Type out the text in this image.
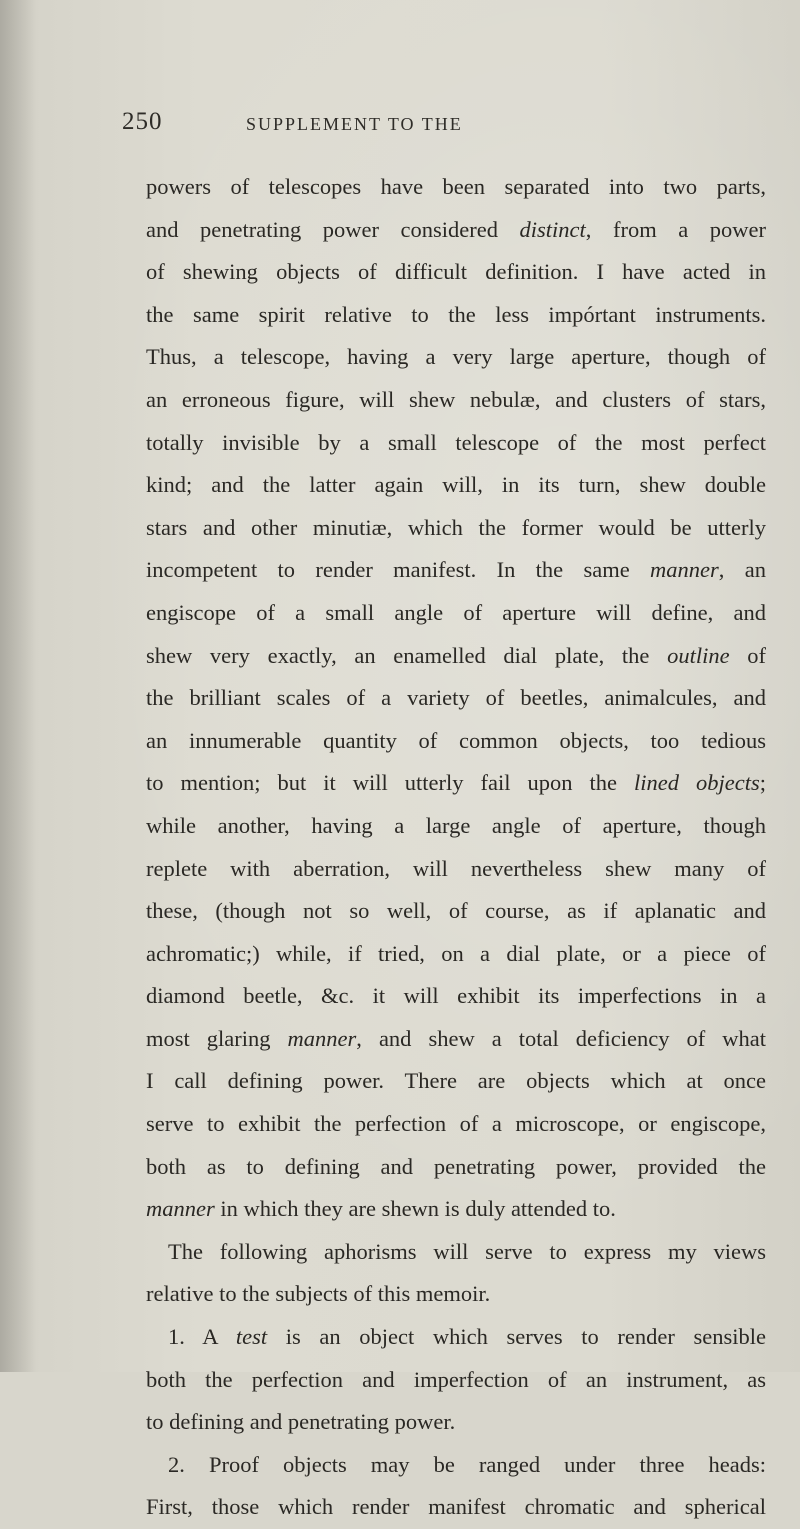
250	SUPPLEMENT TO THE
powers of telescopes have been separated into two parts,
and penetrating power considered distinct, from a power
of shewing objects of difficult definition. I have acted in
the same spirit relative to the less impórtant instruments.
Thus, a telescope, having a very large aperture, though of
an erroneous figure, will shew nebulæ, and clusters of stars,
totally invisible by a small telescope of the most perfect
kind; and the latter again will, in its turn, shew double
stars and other minutiæ, which the former would be utterly
incompetent to render manifest. In the same manner, an
engiscope of a small angle of aperture will define, and
shew very exactly, an enamelled dial plate, the outline of
the brilliant scales of a variety of beetles, animalcules, and
an innumerable quantity of common objects, too tedious
to mention; but it will utterly fail upon the lined objects;
while another, having a large angle of aperture, though
replete with aberration, will nevertheless shew many of
these, (though not so well, of course, as if aplanatic and
achromatic;) while, if tried, on a dial plate, or a piece of
diamond beetle, &c. it will exhibit its imperfections in a
most glaring manner, and shew a total deficiency of what
I call defining power. There are objects which at once
serve to exhibit the perfection of a microscope, or engiscope,
both as to defining and penetrating power, provided the
manner in which they are shewn is duly attended to.
The following aphorisms will serve to express my views
relative to the subjects of this memoir.
1. A test is an object which serves to render sensible
both the perfection and imperfection of an instrument, as
to defining and penetrating power.
2. Proof objects may be ranged under three heads:
First, those which render manifest chromatic and spherical
